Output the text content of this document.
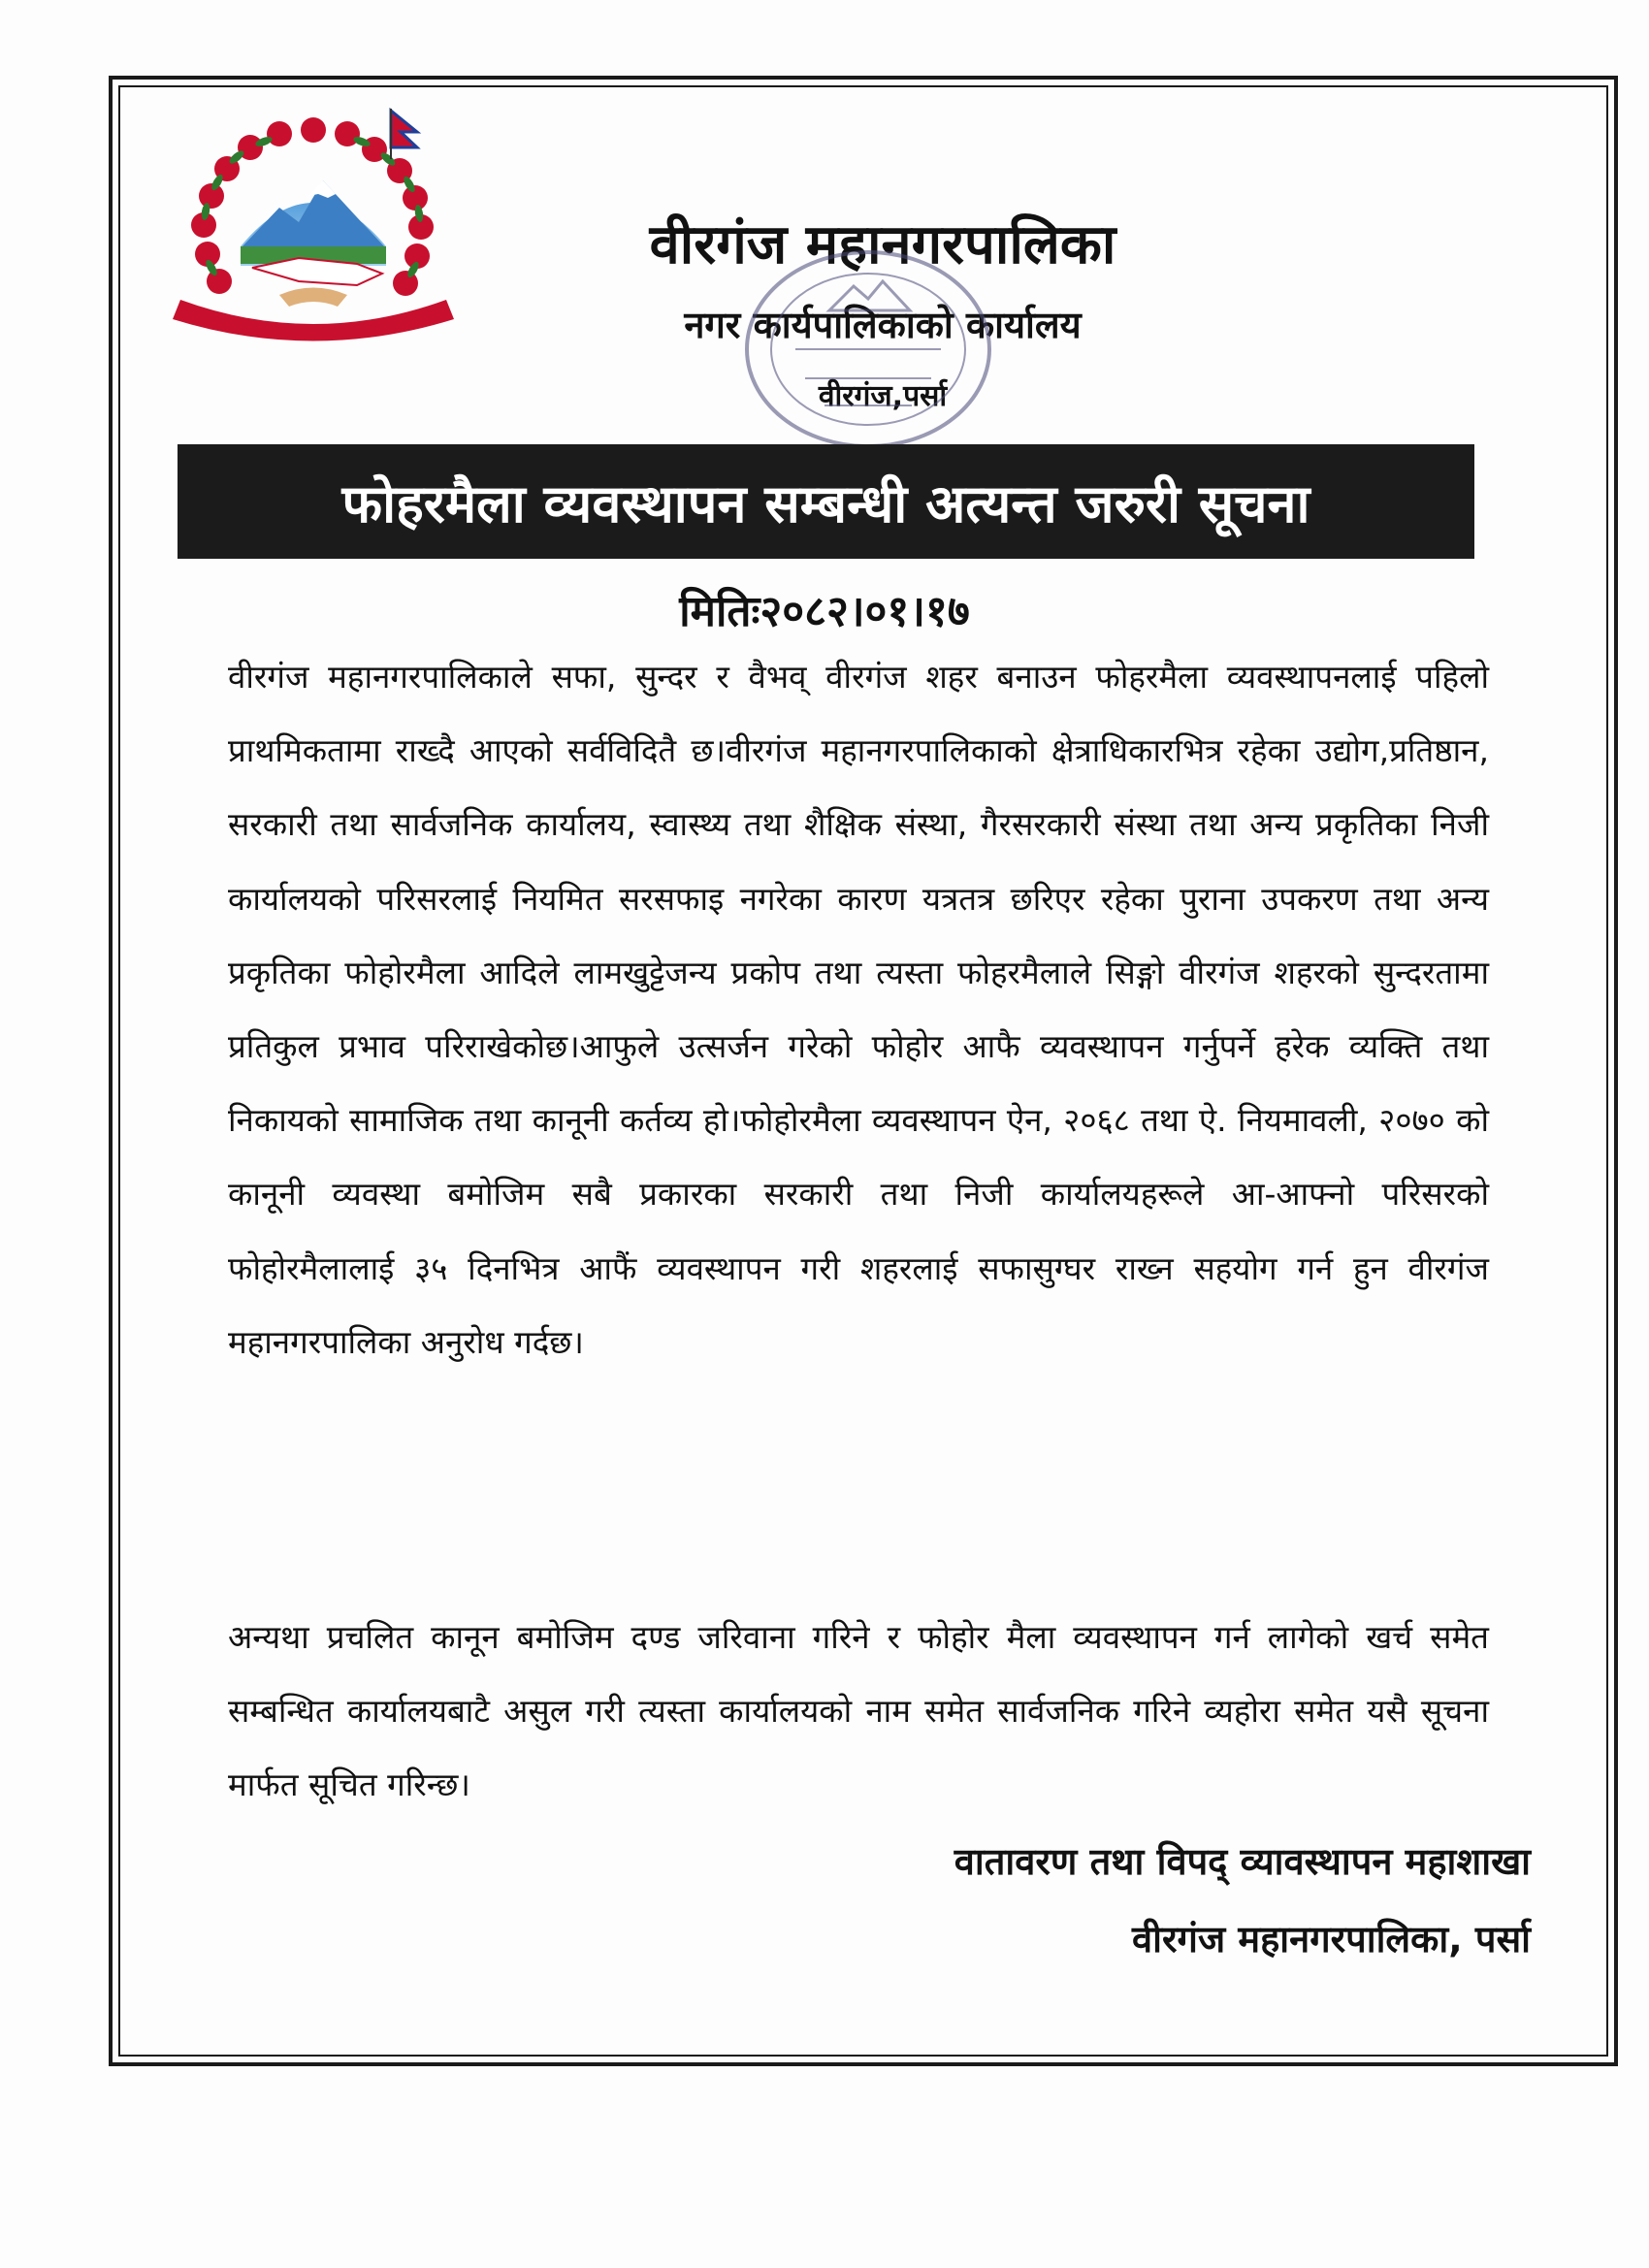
वीरगंज महानगरपालिका
नगर कार्यपालिकाको कार्यालय

वीरगंज,पर्सा

फोहरमैला व्यवस्थापन सम्बन्धी अत्यन्त जरुरी सूचना

मितिः२०८२।०१।१७

वीरगंज महानगरपालिकाले सफा, सुन्दर र वैभव् वीरगंज शहर बनाउन फोहरमैला व्यवस्थापनलाई पहिलो प्राथमिकतामा राख्दै आएको सर्वविदितै छ।वीरगंज महानगरपालिकाको क्षेत्राधिकारभित्र रहेका उद्योग,प्रतिष्ठान, सरकारी तथा सार्वजनिक कार्यालय, स्वास्थ्य तथा शैक्षिक संस्था, गैरसरकारी संस्था तथा अन्य प्रकृतिका निजी कार्यालयको परिसरलाई नियमित सरसफाइ नगरेका कारण यत्रतत्र छरिएर रहेका पुराना उपकरण तथा अन्य प्रकृतिका फोहोरमैला आदिले लामखुट्टेजन्य प्रकोप तथा त्यस्ता फोहरमैलाले सिङ्गो वीरगंज शहरको सुन्दरतामा प्रतिकुल प्रभाव परिराखेकोछ।आफुले उत्सर्जन गरेको फोहोर आफै व्यवस्थापन गर्नुपर्ने हरेक व्यक्ति तथा निकायको सामाजिक तथा कानूनी कर्तव्य हो।फोहोरमैला व्यवस्थापन ऐन, २०६८ तथा ऐ. नियमावली, २०७० को कानूनी व्यवस्था बमोजिम सबै प्रकारका सरकारी तथा निजी कार्यालयहरूले आ-आफ्नो परिसरको फोहोरमैलालाई ३५ दिनभित्र आफैं व्यवस्थापन गरी शहरलाई सफासुग्घर राख्न सहयोग गर्न हुन वीरगंज महानगरपालिका अनुरोध गर्दछ।

अन्यथा प्रचलित कानून बमोजिम दण्ड जरिवाना गरिने र फोहोर मैला व्यवस्थापन गर्न लागेको खर्च समेत सम्बन्धित कार्यालयबाटै असुल गरी त्यस्ता कार्यालयको नाम समेत सार्वजनिक गरिने व्यहोरा समेत यसै सूचना मार्फत सूचित गरिन्छ।

वातावरण तथा विपद् व्यावस्थापन महाशाखा

वीरगंज महानगरपालिका, पर्सा
